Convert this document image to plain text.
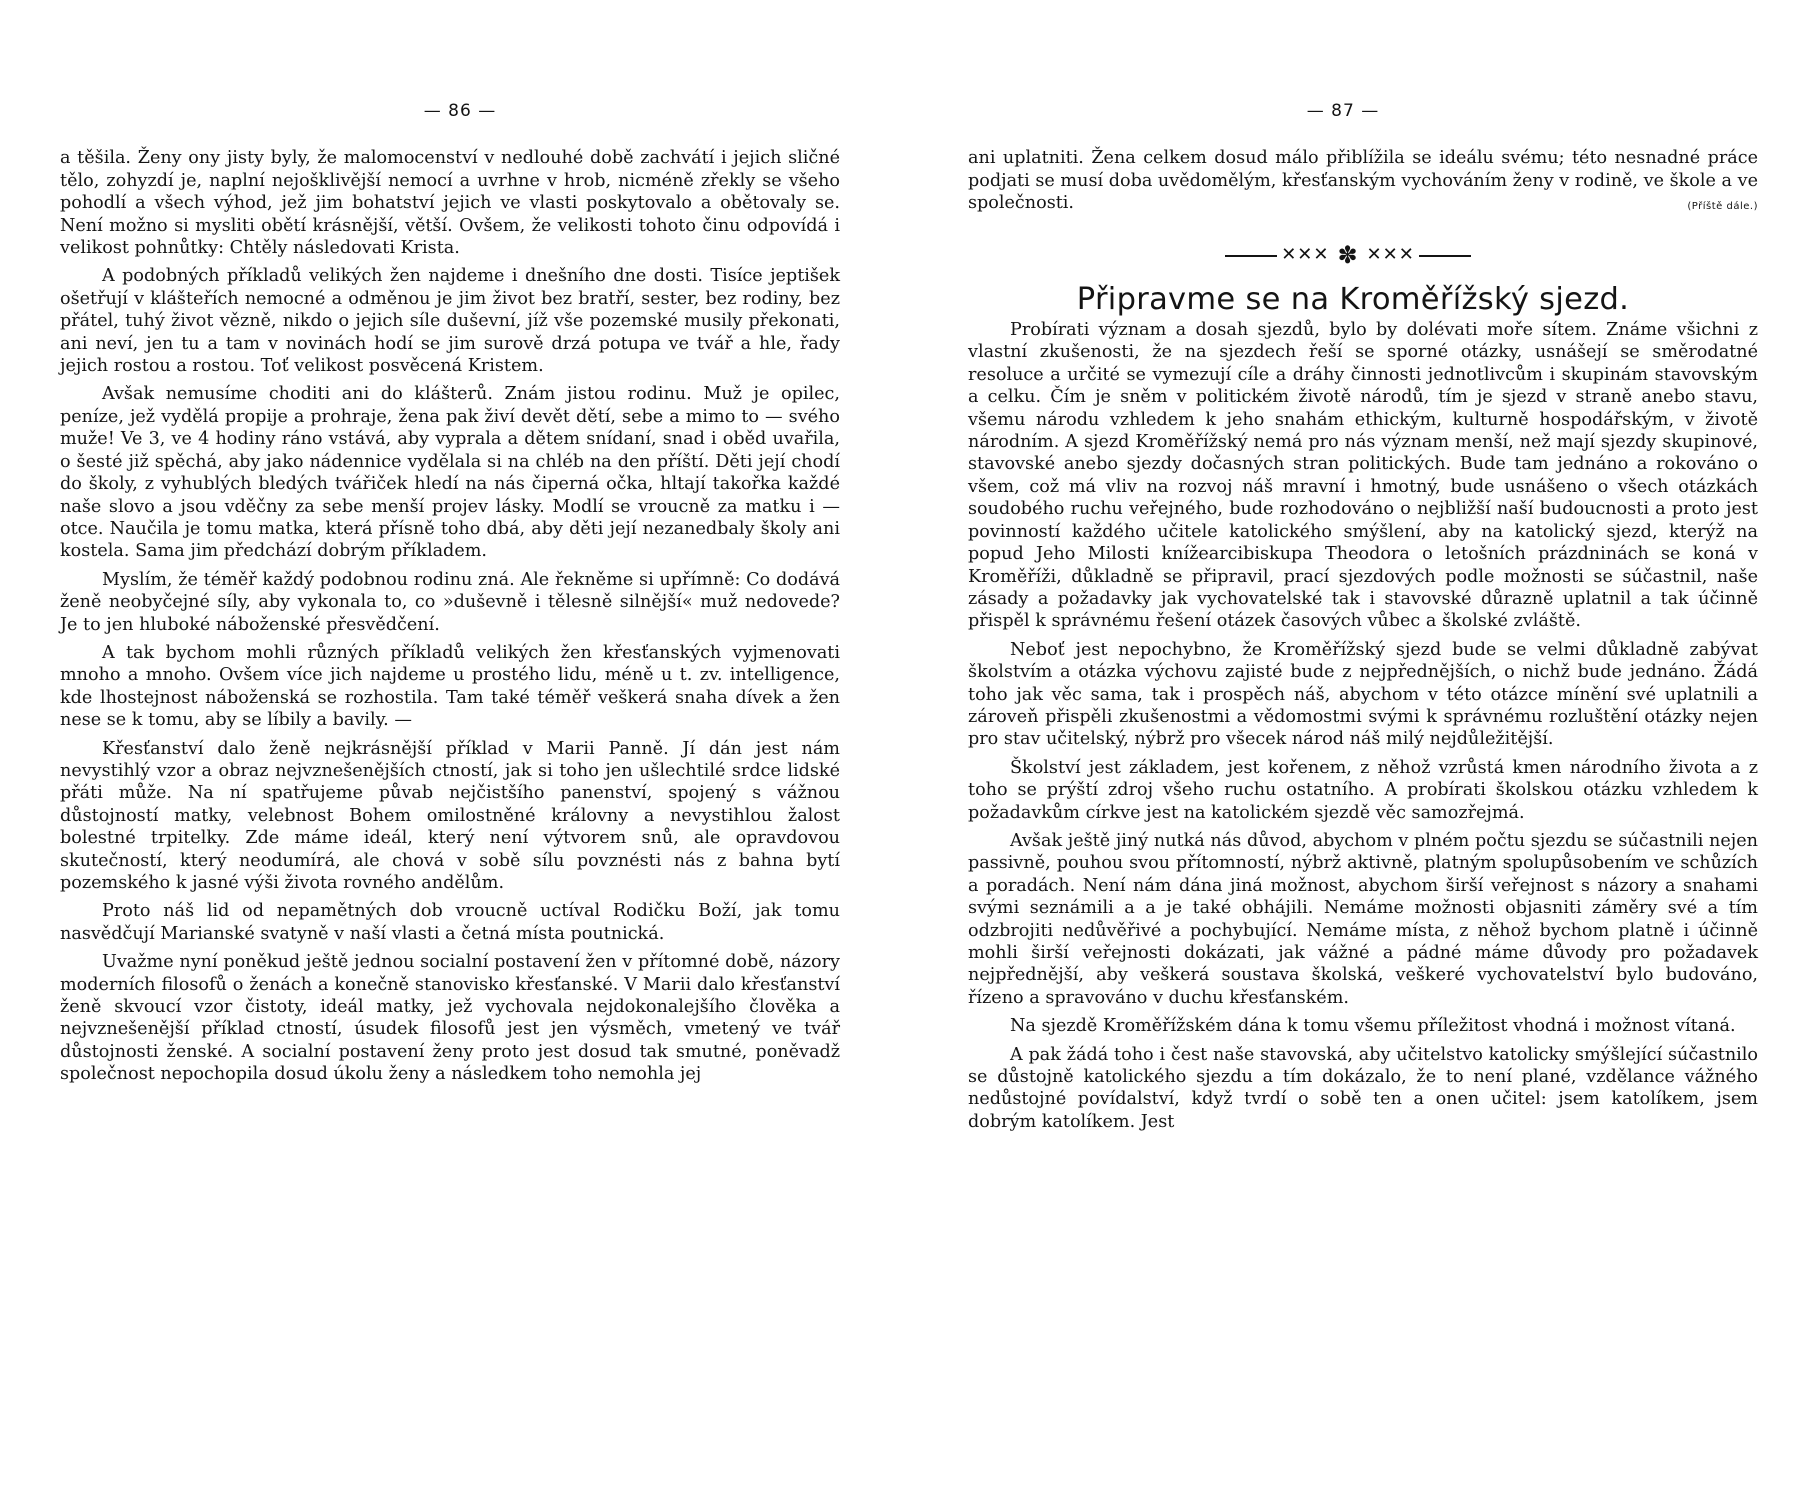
— 86 —

a těšila. Ženy ony jisty byly, že malomocenství v nedlouhé době zachvátí i jejich sličné tělo, zohyzdí je, naplní nejošklivější nemocí a uvrhne v hrob, nicméně zřekly se všeho pohodlí a všech výhod, jež jim bohatství jejich ve vlasti poskytovalo a obětovaly se. Není možno si mysliti obětí krásnější, větší. Ovšem, že velikosti tohoto činu odpovídá i velikost pohnůtky: Chtěly následovati Krista.

A podobných příkladů velikých žen najdeme i dnešního dne dosti. Tisíce jeptišek ošetřují v klášteřích nemocné a odměnou je jim život bez bratří, sester, bez rodiny, bez přátel, tuhý život vězně, nikdo o jejich síle duševní, jíž vše pozemské musily překonati, ani neví, jen tu a tam v novinách hodí se jim surově drzá potupa ve tvář a hle, řady jejich rostou a rostou. Toť velikost posvěcená Kristem.

Avšak nemusíme choditi ani do klášterů. Znám jistou rodinu. Muž je opilec, peníze, jež vydělá propije a prohraje, žena pak živí devět dětí, sebe a mimo to — svého muže! Ve 3, ve 4 hodiny ráno vstává, aby vyprala a dětem snídaní, snad i oběd uvařila, o šesté již spěchá, aby jako nádennice vydělala si na chléb na den příští. Děti její chodí do školy, z vyhublých bledých tvářiček hledí na nás čiperná očka, hltají takořka každé naše slovo a jsou vděčny za sebe menší projev lásky. Modlí se vroucně za matku i — otce. Naučila je tomu matka, která přísně toho dbá, aby děti její nezanedbaly školy ani kostela. Sama jim předchází dobrým příkladem.

Myslím, že téměř každý podobnou rodinu zná. Ale řekněme si upřímně: Co dodává ženě neobyčejné síly, aby vykonala to, co »duševně i tělesně silnější« muž nedovede? Je to jen hluboké náboženské přesvědčení.

A tak bychom mohli různých příkladů velikých žen křesťanských vyjmenovati mnoho a mnoho. Ovšem více jich najdeme u prostého lidu, méně u t. zv. intelligence, kde lhostejnost náboženská se rozhostila. Tam také téměř veškerá snaha dívek a žen nese se k tomu, aby se líbily a bavily. —

Křesťanství dalo ženě nejkrásnější příklad v Marii Panně. Jí dán jest nám nevystihlý vzor a obraz nejvznešenějších ctností, jak si toho jen ušlechtilé srdce lidské přáti může. Na ní spatřujeme půvab nejčistšího panenství, spojený s vážnou důstojností matky, velebnost Bohem omilostněné královny a nevystihlou žalost bolestné trpitelky. Zde máme ideál, který není výtvorem snů, ale opravdovou skutečností, který neodumírá, ale chová v sobě sílu povznésti nás z bahna bytí pozemského k jasné výši života rovného andělům.

Proto náš lid od nepamětných dob vroucně uctíval Rodičku Boží, jak tomu nasvědčují Marianské svatyně v naší vlasti a četná místa poutnická.

Uvažme nyní poněkud ještě jednou socialní postavení žen v přítomné době, názory moderních filosofů o ženách a konečně stanovisko křesťanské. V Marii dalo křesťanství ženě skvoucí vzor čistoty, ideál matky, jež vychovala nejdokonalejšího člověka a nejvznešenější příklad ctností, úsudek filosofů jest jen výsměch, vmetený ve tvář důstojnosti ženské. A socialní postavení ženy proto jest dosud tak smutné, poněvadž společnost nepochopila dosud úkolu ženy a následkem toho nemohla jej

— 87 —

ani uplatniti. Žena celkem dosud málo přiblížila se ideálu svému; této nesnadné práce podjati se musí doba uvědomělým, křesťanským vychováním ženy v rodině, ve škole a ve společnosti.	(Příště dále.)

✕✕✕ ✽ ✕✕✕
Připravme se na Kroměřížský sjezd.

Probírati význam a dosah sjezdů, bylo by dolévati moře sítem. Známe všichni z vlastní zkušenosti, že na sjezdech řeší se sporné otázky, usnášejí se směrodatné resoluce a určité se vymezují cíle a dráhy činnosti jednotlivcům i skupinám stavovským a celku. Čím je sněm v politickém životě národů, tím je sjezd v straně anebo stavu, všemu národu vzhledem k jeho snahám ethickým, kulturně hospodářským, v životě národním. A sjezd Kroměřížský nemá pro nás význam menší, než mají sjezdy skupinové, stavovské anebo sjezdy dočasných stran politických. Bude tam jednáno a rokováno o všem, což má vliv na rozvoj náš mravní i hmotný, bude usnášeno o všech otázkách soudobého ruchu veřejného, bude rozhodováno o nejbližší naší budoucnosti a proto jest povinností každého učitele katolického smýšlení, aby na katolický sjezd, kterýž na popud Jeho Milosti knížearcibiskupa Theodora o letošních prázdninách se koná v Kroměříži, důkladně se připravil, prací sjezdových podle možnosti se súčastnil, naše zásady a požadavky jak vychovatelské tak i stavovské důrazně uplatnil a tak účinně přispěl k správnému řešení otázek časových vůbec a školské zvláště.

Neboť jest nepochybno, že Kroměřížský sjezd bude se velmi důkladně zabývat školstvím a otázka výchovu zajisté bude z nejpřednějších, o nichž bude jednáno. Žádá toho jak věc sama, tak i prospěch náš, abychom v této otázce mínění své uplatnili a zároveň přispěli zkušenostmi a vědomostmi svými k správnému rozluštění otázky nejen pro stav učitelský, nýbrž pro všecek národ náš milý nejdůležitější.

Školství jest základem, jest kořenem, z něhož vzrůstá kmen národního života a z toho se prýští zdroj všeho ruchu ostatního. A probírati školskou otázku vzhledem k požadavkům církve jest na katolickém sjezdě věc samozřejmá.

Avšak ještě jiný nutká nás důvod, abychom v plném počtu sjezdu se súčastnili nejen passivně, pouhou svou přítomností, nýbrž aktivně, platným spolupůsobením ve schůzích a poradách. Není nám dána jiná možnost, abychom širší veřejnost s názory a snahami svými seznámili a a je také obhájili. Nemáme možnosti objasniti záměry své a tím odzbrojiti nedůvěřivé a pochybující. Nemáme místa, z něhož bychom platně i účinně mohli širší veřejnosti dokázati, jak vážné a pádné máme důvody pro požadavek nejpřednější, aby veškerá soustava školská, veškeré vychovatelství bylo budováno, řízeno a spravováno v duchu křesťanském.

Na sjezdě Kroměřížském dána k tomu všemu příležitost vhodná i možnost vítaná.

A pak žádá toho i čest naše stavovská, aby učitelstvo katolicky smýšlející súčastnilo se důstojně katolického sjezdu a tím dokázalo, že to není plané, vzdělance vážného nedůstojné povídalství, když tvrdí o sobě ten a onen učitel: jsem katolíkem, jsem dobrým katolíkem. Jest
